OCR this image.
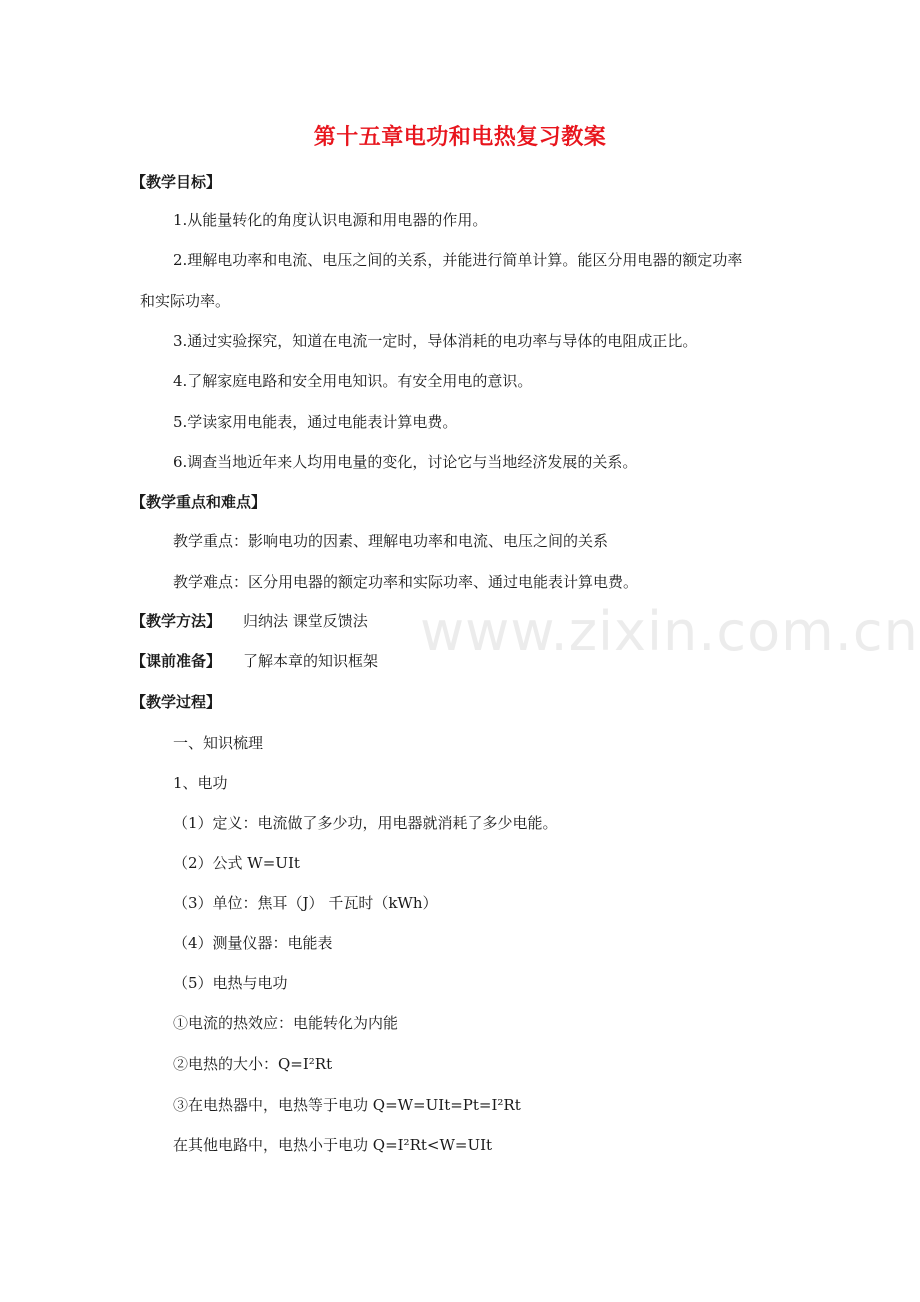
第十五章电功和电热复习教案
【教学目标】
1.从能量转化的角度认识电源和用电器的作用。
2.理解电功率和电流、电压之间的关系，并能进行简单计算。能区分用电器的额定功率
和实际功率。
3.通过实验探究，知道在电流一定时，导体消耗的电功率与导体的电阻成正比。
4.了解家庭电路和安全用电知识。有安全用电的意识。
5.学读家用电能表，通过电能表计算电费。
6.调查当地近年来人均用电量的变化，讨论它与当地经济发展的关系。
【教学重点和难点】
教学重点：影响电功的因素、理解电功率和电流、电压之间的关系
教学难点：区分用电器的额定功率和实际功率、通过电能表计算电费。
【教学方法】 归纳法 课堂反馈法
【课前准备】 了解本章的知识框架
【教学过程】
一、知识梳理
1、电功
（1）定义：电流做了多少功，用电器就消耗了多少电能。
（2）公式 W=UIt
（3）单位：焦耳（J） 千瓦时（kWh）
（4）测量仪器：电能表
（5）电热与电功
①电流的热效应：电能转化为内能
②电热的大小：Q=I²Rt
③在电热器中，电热等于电功 Q=W=UIt=Pt=I²Rt
在其他电路中，电热小于电功 Q=I²Rt<W=UIt
www.zixin.com.cn
